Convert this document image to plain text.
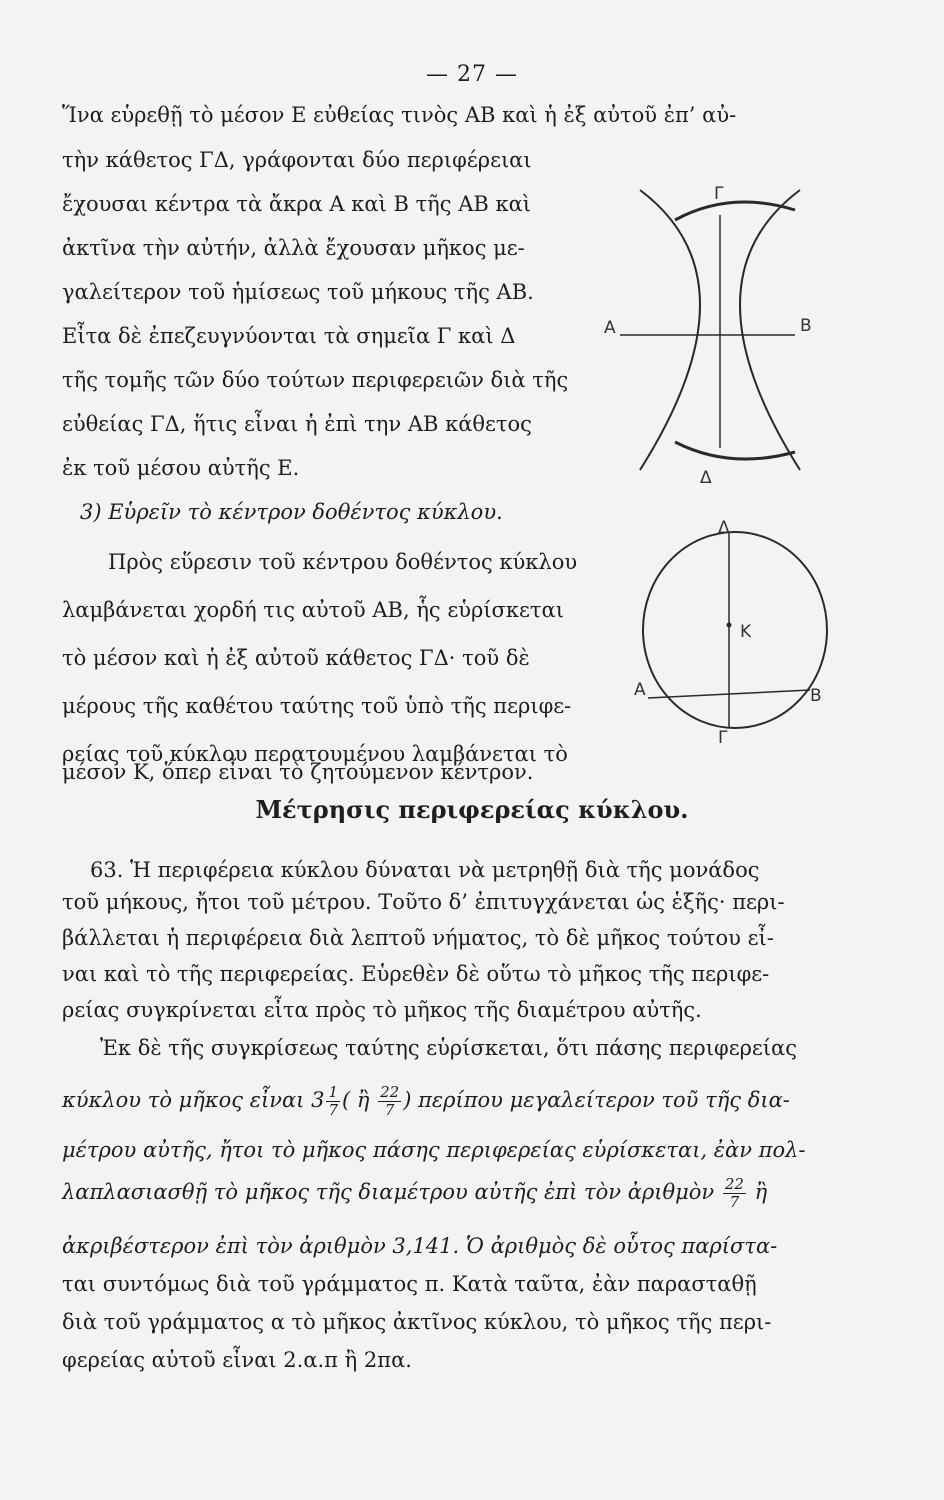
— 27 —
Ἵνα εὑρεθῇ τὸ μέσον Ε εὐθείας τινὸς ΑΒ καὶ ἡ ἐξ αὐτοῦ ἐπ’ αὐ-
τὴν κάθετος ΓΔ, γράφονται δύο περιφέρειαι
ἔχουσαι κέντρα τὰ ἄκρα Α καὶ Β τῆς ΑΒ καὶ
ἀκτῖνα τὴν αὐτήν, ἀλλὰ ἔχουσαν μῆκος με-
γαλείτερον τοῦ ἡμίσεως τοῦ μήκους τῆς ΑΒ.
Εἶτα δὲ ἐπεζευγνύονται τὰ σημεῖα Γ καὶ Δ
τῆς τομῆς τῶν δύο τούτων περιφερειῶν διὰ τῆς
εὐθείας ΓΔ, ἥτις εἶναι ἡ ἐπὶ την ΑΒ κάθετος
ἐκ τοῦ μέσου αὐτῆς Ε.
3) Εὑρεῖν τὸ κέντρον δοθέντος κύκλου.
Πρὸς εὕρεσιν τοῦ κέντρου δοθέντος κύκλου
λαμβάνεται χορδή τις αὐτοῦ ΑΒ, ἧς εὑρίσκεται
τὸ μέσον καὶ ἡ ἐξ αὐτοῦ κάθετος ΓΔ· τοῦ δὲ
μέρους τῆς καθέτου ταύτης τοῦ ὑπὸ τῆς περιφε-
ρείας τοῦ κύκλου περατουμένου λαμβάνεται τὸ
μέσον Κ, ὅπερ εἶναι τὸ ζητούμενον κέντρον.
Γ
Α	Β
Δ
Δ
Κ
Α	Β
Γ
Μέτρησις περιφερείας κύκλου.
63. Ἡ περιφέρεια κύκλου δύναται νὰ μετρηθῇ διὰ τῆς μονάδος
τοῦ μήκους, ἤτοι τοῦ μέτρου. Τοῦτο δ’ ἐπιτυγχάνεται ὡς ἑξῆς· περι-
βάλλεται ἡ περιφέρεια διὰ λεπτοῦ νήματος, τὸ δὲ μῆκος τούτου εἶ-
ναι καὶ τὸ τῆς περιφερείας. Εὑρεθὲν δὲ οὕτω τὸ μῆκος τῆς περιφε-
ρείας συγκρίνεται εἶτα πρὸς τὸ μῆκος τῆς διαμέτρου αὐτῆς.
Ἐκ δὲ τῆς συγκρίσεως ταύτης εὑρίσκεται, ὅτι πάσης περιφερείας
κύκλου τὸ μῆκος εἶναι $3 \frac{1}{7}$ ( ἢ $\frac{22}{7}$ ) περίπου μεγαλείτερον τοῦ τῆς δια-
μέτρου αὐτῆς, ἤτοι τὸ μῆκος πάσης περιφερείας εὑρίσκεται, ἐὰν πολ-
λαπλασιασθῇ τὸ μῆκος τῆς διαμέτρου αὐτῆς ἐπὶ τὸν ἀριθμὸν $\frac{22}{7}$ ἢ
ἀκριβέστερον ἐπὶ τὸν ἀριθμὸν 3,141. Ὁ ἀριθμὸς δὲ οὗτος παρίστα-
ται συντόμως διὰ τοῦ γράμματος π. Κατὰ ταῦτα, ἐὰν παρασταθῇ
διὰ τοῦ γράμματος α τὸ μῆκος ἀκτῖνος κύκλου, τὸ μῆκος τῆς περι-
φερείας αὐτοῦ εἶναι 2.α.π ἢ 2πα.
